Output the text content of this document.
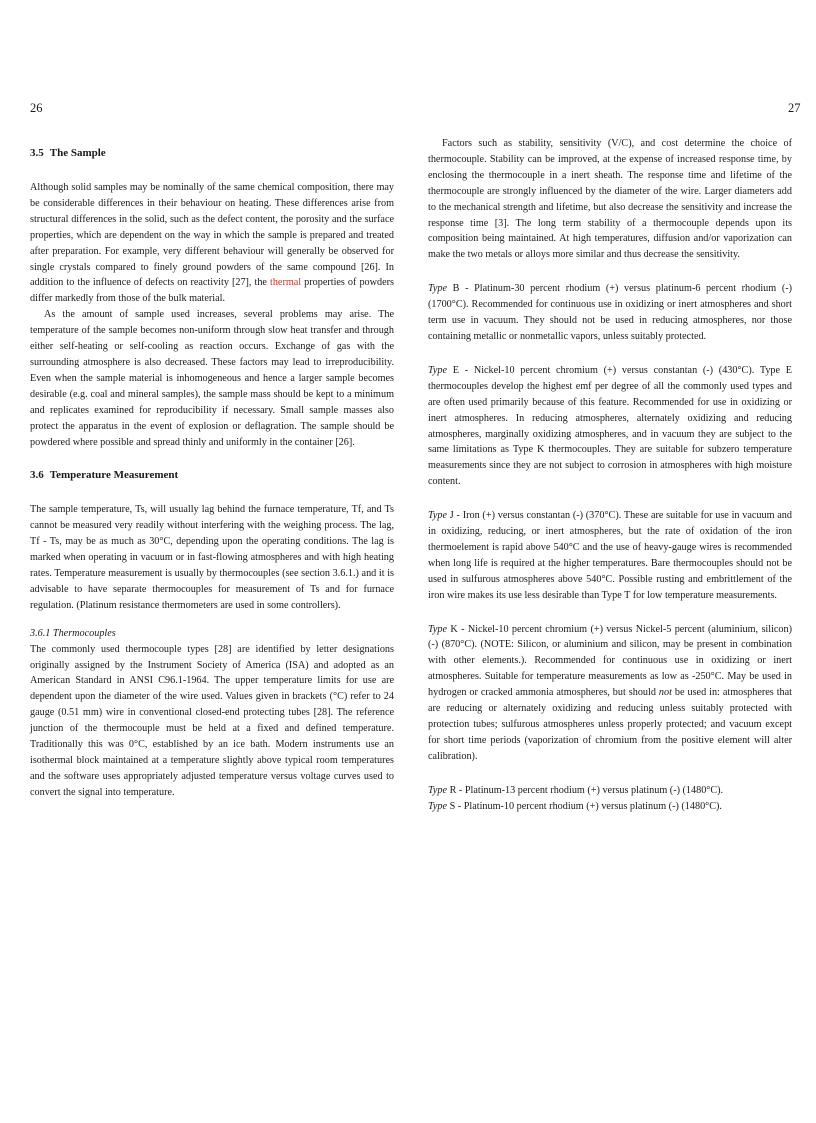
26	27
3.5 The Sample

Although solid samples may be nominally of the same chemical composition, there may be considerable differences in their behaviour on heating. These differences arise from structural differences in the solid, such as the defect content, the porosity and the surface properties, which are dependent on the way in which the sample is prepared and treated after preparation. For example, very different behaviour will generally be observed for single crystals compared to finely ground powders of the same compound [26]. In addition to the influence of defects on reactivity [27], the thermal properties of powders differ markedly from those of the bulk material.

As the amount of sample used increases, several problems may arise. The temperature of the sample becomes non-uniform through slow heat transfer and through either self-heating or self-cooling as reaction occurs. Exchange of gas with the surrounding atmosphere is also decreased. These factors may lead to irreproducibility. Even when the sample material is inhomogeneous and hence a larger sample becomes desirable (e.g. coal and mineral samples), the sample mass should be kept to a minimum and replicates examined for reproducibility if necessary. Small sample masses also protect the apparatus in the event of explosion or deflagration. The sample should be powdered where possible and spread thinly and uniformly in the container [26].

3.6 Temperature Measurement

The sample temperature, Ts, will usually lag behind the furnace temperature, Tf, and Ts cannot be measured very readily without interfering with the weighing process. The lag, Tf - Ts, may be as much as 30°C, depending upon the operating conditions. The lag is marked when operating in vacuum or in fast-flowing atmospheres and with high heating rates. Temperature measurement is usually by thermocouples (see section 3.6.1.) and it is advisable to have separate thermocouples for measurement of Ts and for furnace regulation. (Platinum resistance thermometers are used in some controllers).

3.6.1 Thermocouples

The commonly used thermocouple types [28] are identified by letter designations originally assigned by the Instrument Society of America (ISA) and adopted as an American Standard in ANSI C96.1-1964. The upper temperature limits for use are dependent upon the diameter of the wire used. Values given in brackets (°C) refer to 24 gauge (0.51 mm) wire in conventional closed-end protecting tubes [28]. The reference junction of the thermocouple must be held at a fixed and defined temperature. Traditionally this was 0°C, established by an ice bath. Modern instruments use an isothermal block maintained at a temperature slightly above typical room temperatures and the software uses appropriately adjusted temperature versus voltage curves used to convert the signal into temperature.

Factors such as stability, sensitivity (V/C), and cost determine the choice of thermocouple. Stability can be improved, at the expense of increased response time, by enclosing the thermocouple in a inert sheath. The response time and lifetime of the thermocouple are strongly influenced by the diameter of the wire. Larger diameters add to the mechanical strength and lifetime, but also decrease the sensitivity and increase the response time [3]. The long term stability of a thermocouple depends upon its composition being maintained. At high temperatures, diffusion and/or vaporization can make the two metals or alloys more similar and thus decrease the sensitivity.

Type B - Platinum-30 percent rhodium (+) versus platinum-6 percent rhodium (-) (1700°C). Recommended for continuous use in oxidizing or inert atmospheres and short term use in vacuum. They should not be used in reducing atmospheres, nor those containing metallic or nonmetallic vapors, unless suitably protected.

Type E - Nickel-10 percent chromium (+) versus constantan (-) (430°C). Type E thermocouples develop the highest emf per degree of all the commonly used types and are often used primarily because of this feature. Recommended for use in oxidizing or inert atmospheres. In reducing atmospheres, alternately oxidizing and reducing atmospheres, marginally oxidizing atmospheres, and in vacuum they are subject to the same limitations as Type K thermocouples. They are suitable for subzero temperature measurements since they are not subject to corrosion in atmospheres with high moisture content.

Type J - Iron (+) versus constantan (-) (370°C). These are suitable for use in vacuum and in oxidizing, reducing, or inert atmospheres, but the rate of oxidation of the iron thermoelement is rapid above 540°C and the use of heavy-gauge wires is recommended when long life is required at the higher temperatures. Bare thermocouples should not be used in sulfurous atmospheres above 540°C. Possible rusting and embrittlement of the iron wire makes its use less desirable than Type T for low temperature measurements.

Type K - Nickel-10 percent chromium (+) versus Nickel-5 percent (aluminium, silicon) (-) (870°C). (NOTE: Silicon, or aluminium and silicon, may be present in combination with other elements.). Recommended for continuous use in oxidizing or inert atmospheres. Suitable for temperature measurements as low as -250°C. May be used in hydrogen or cracked ammonia atmospheres, but should not be used in: atmospheres that are reducing or alternately oxidizing and reducing unless suitably protected with protection tubes; sulfurous atmospheres unless properly protected; and vacuum except for short time periods (vaporization of chromium from the positive element will alter calibration).

Type R - Platinum-13 percent rhodium (+) versus platinum (-) (1480°C).

Type S - Platinum-10 percent rhodium (+) versus platinum (-) (1480°C).
